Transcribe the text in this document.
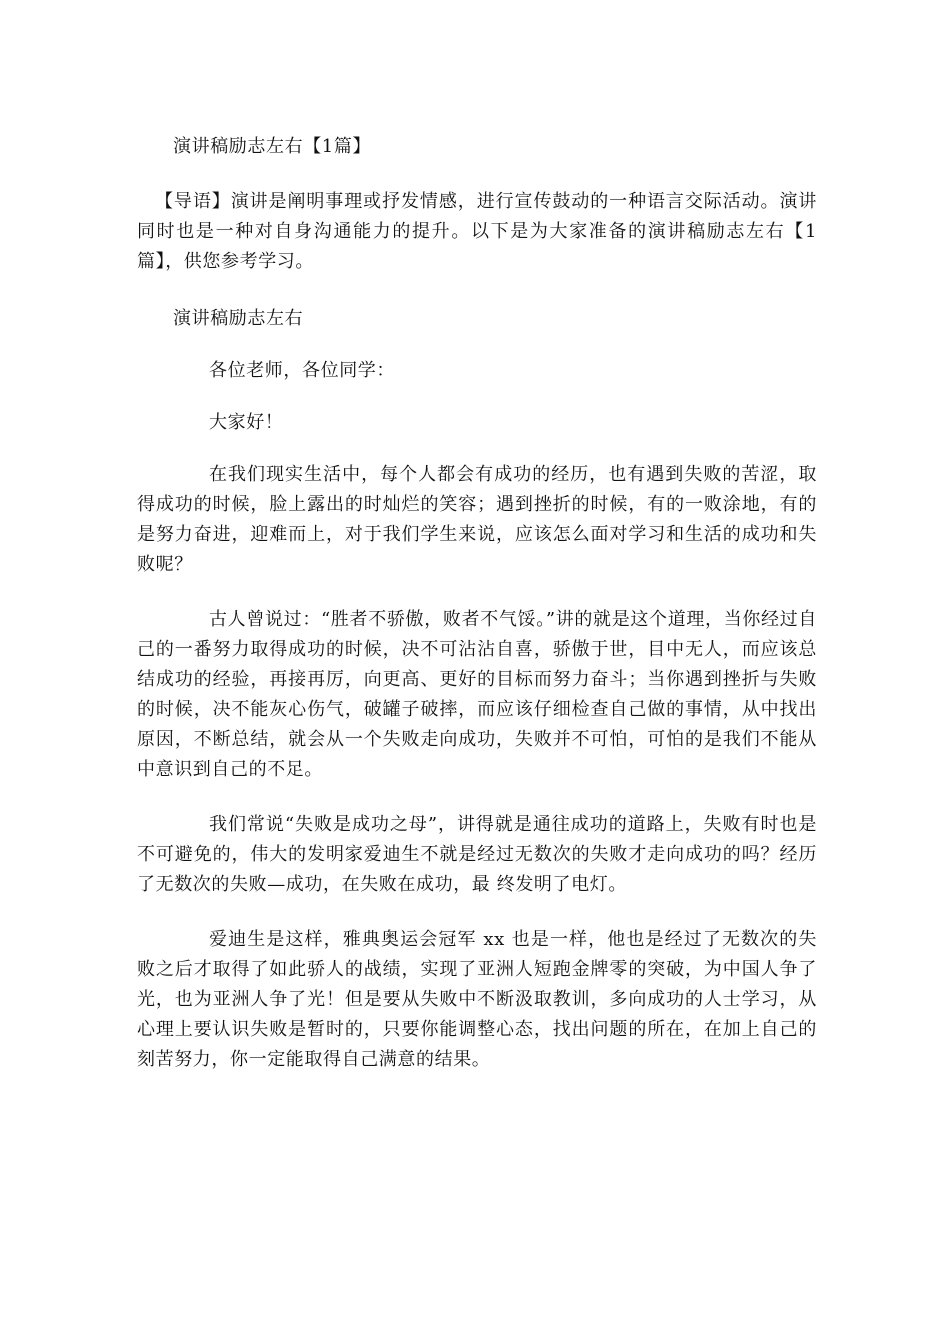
演讲稿励志左右【1篇】
【导语】演讲是阐明事理或抒发情感，进行宣传鼓动的一种语言交际活动。演讲同时也是一种对自身沟通能力的提升。以下是为大家准备的演讲稿励志左右【1篇】，供您参考学习。
演讲稿励志左右
各位老师，各位同学：
大家好！
在我们现实生活中，每个人都会有成功的经历，也有遇到失败的苦涩，取得成功的时候，脸上露出的时灿烂的笑容；遇到挫折的时候，有的一败涂地，有的是努力奋进，迎难而上，对于我们学生来说，应该怎么面对学习和生活的成功和失败呢？
古人曾说过：“胜者不骄傲，败者不气馁。”讲的就是这个道理，当你经过自己的一番努力取得成功的时候，决不可沾沾自喜，骄傲于世，目中无人，而应该总结成功的经验，再接再厉，向更高、更好的目标而努力奋斗；当你遇到挫折与失败的时候，决不能灰心伤气，破罐子破摔，而应该仔细检查自己做的事情，从中找出原因，不断总结，就会从一个失败走向成功，失败并不可怕，可怕的是我们不能从中意识到自己的不足。
我们常说“失败是成功之母”，讲得就是通往成功的道路上，失败有时也是不可避免的，伟大的发明家爱迪生不就是经过无数次的失败才走向成功的吗？经历了无数次的失败—成功，在失败在成功，最 终发明了电灯。
爱迪生是这样，雅典奥运会冠军 xx 也是一样，他也是经过了无数次的失败之后才取得了如此骄人的战绩，实现了亚洲人短跑金牌零的突破，为中国人争了光，也为亚洲人争了光！但是要从失败中不断汲取教训，多向成功的人士学习，从心理上要认识失败是暂时的，只要你能调整心态，找出问题的所在，在加上自己的刻苦努力，你一定能取得自己满意的结果。
